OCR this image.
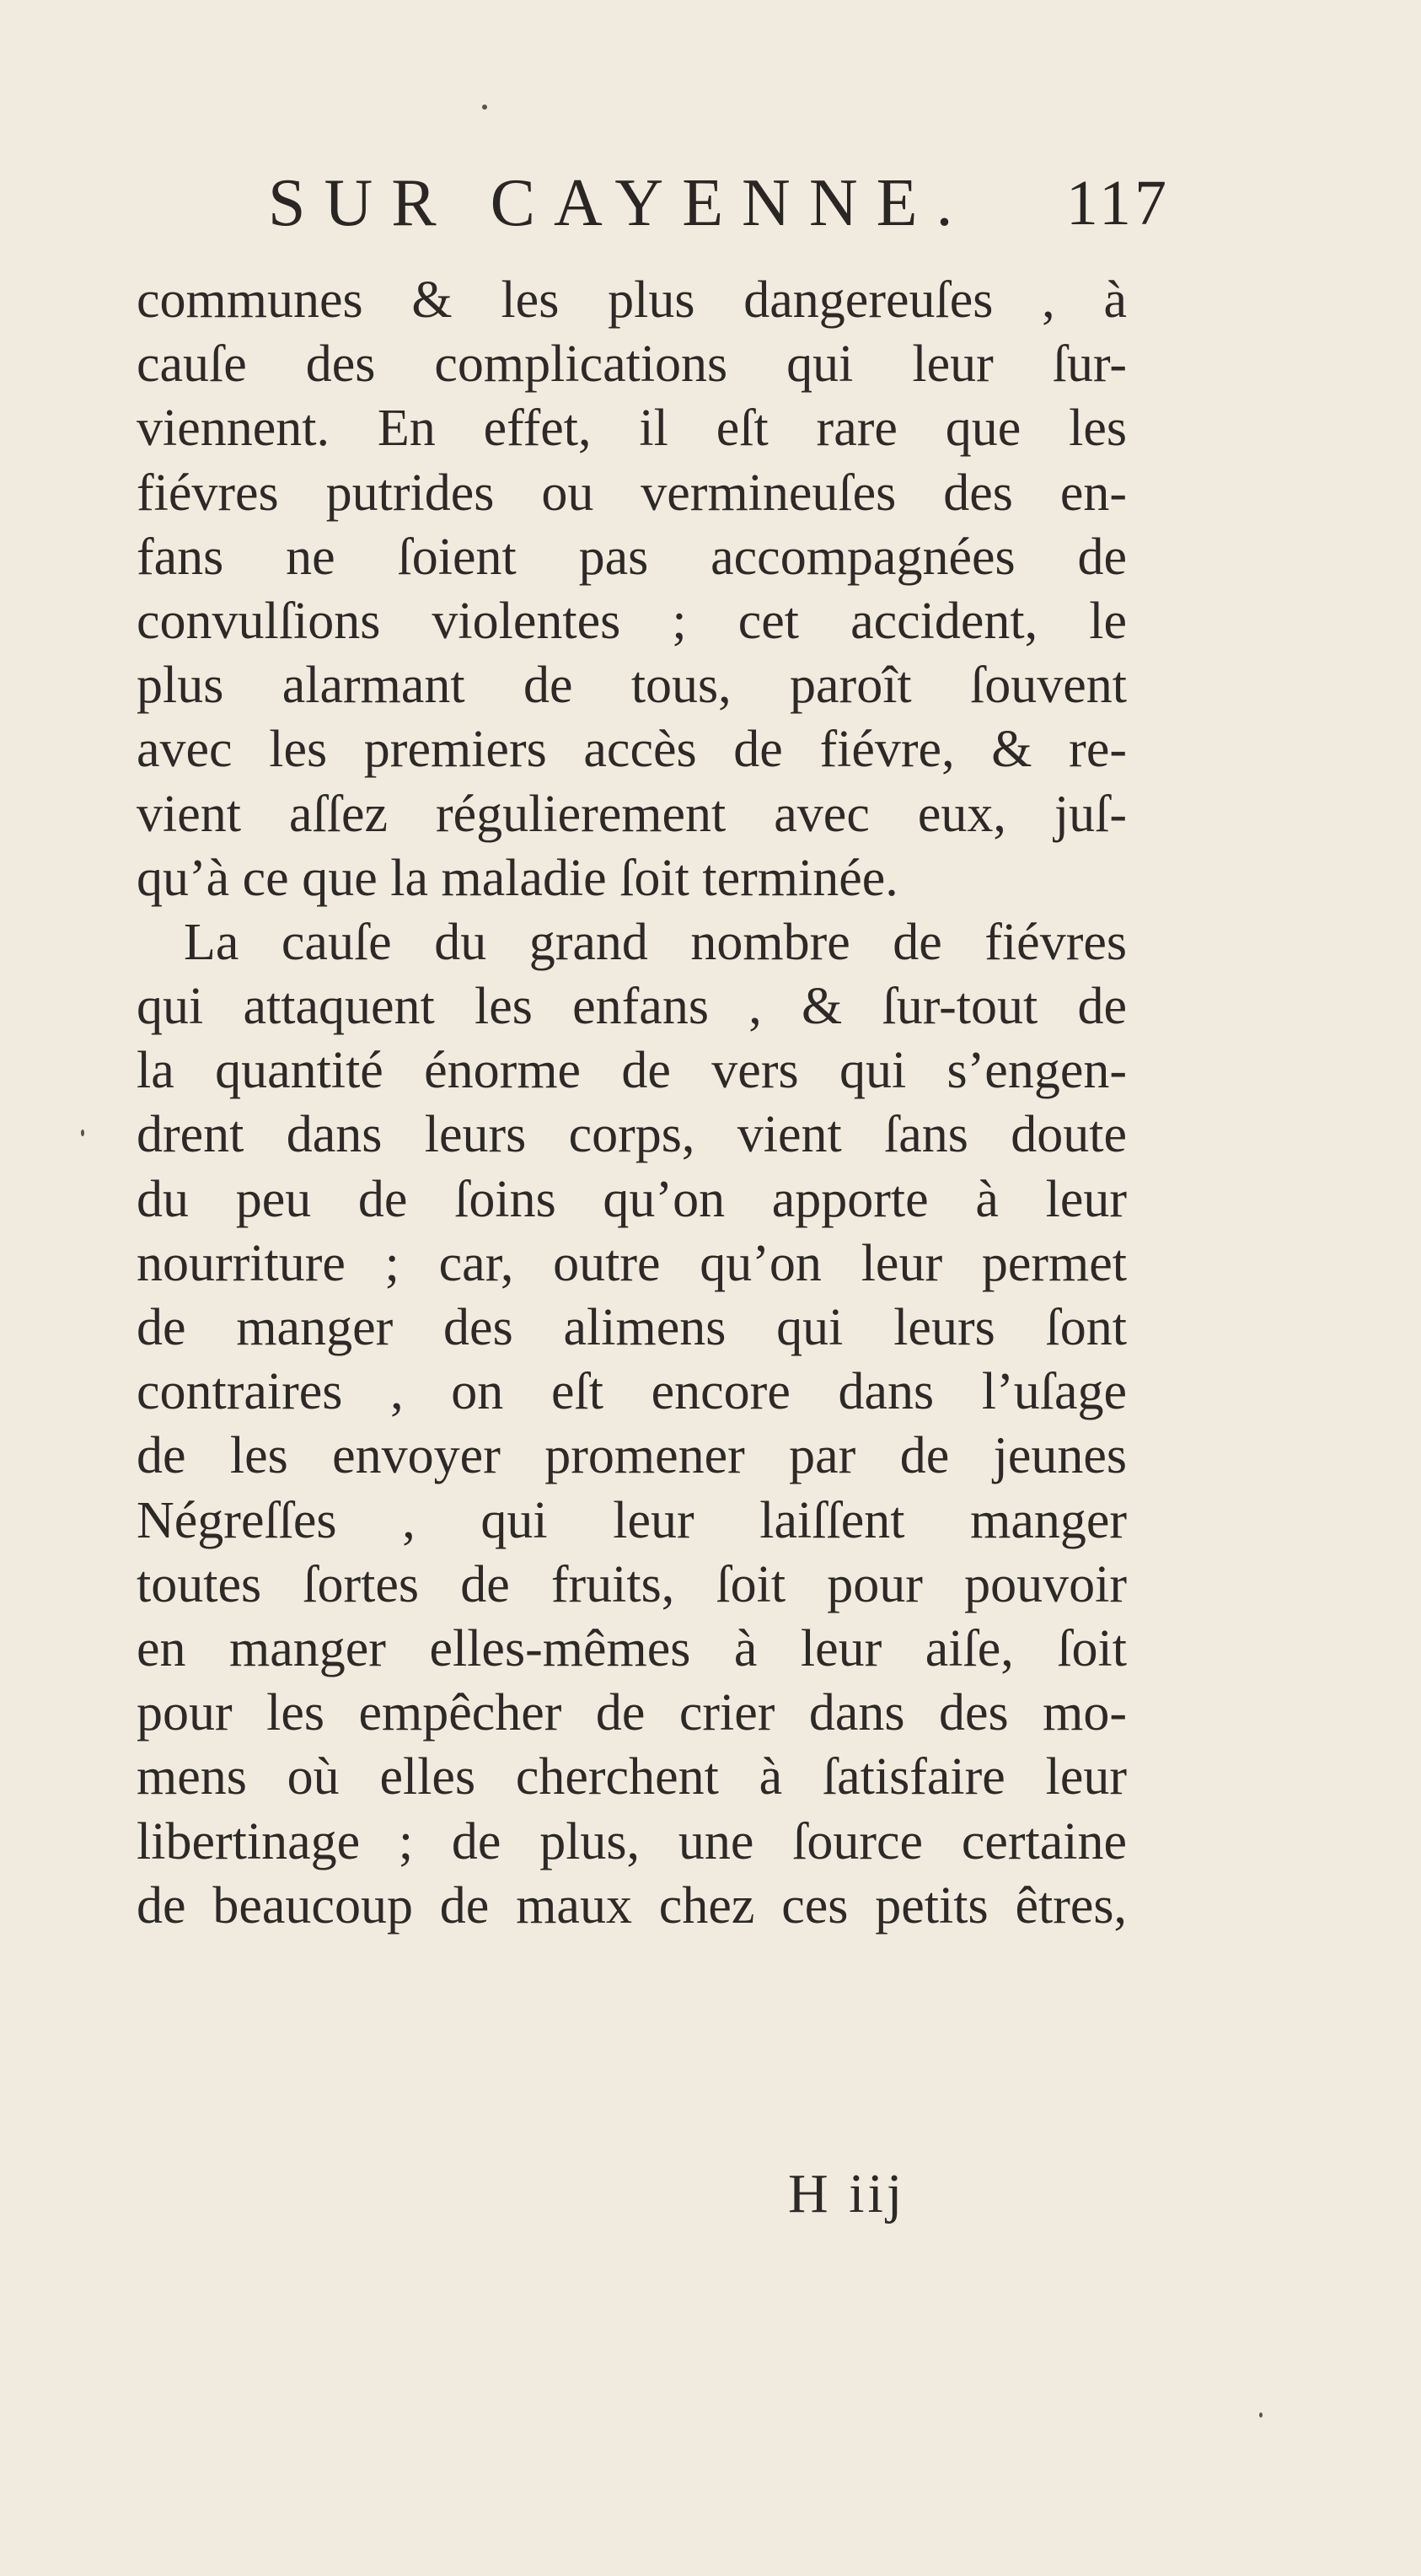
SUR CAYENNE. 117
communes & les plus dangereuſes , à
cauſe des complications qui leur ſur-
viennent. En effet, il eſt rare que les
fiévres putrides ou vermineuſes des en-
fans ne ſoient pas accompagnées de
convulſions violentes ; cet accident, le
plus alarmant de tous, paroît ſouvent
avec les premiers accès de fiévre, & re-
vient aſſez régulierement avec eux, juſ-
qu’à ce que la maladie ſoit terminée.
La cauſe du grand nombre de fiévres
qui attaquent les enfans , & ſur-tout de
la quantité énorme de vers qui s’engen-
drent dans leurs corps, vient ſans doute
du peu de ſoins qu’on apporte à leur
nourriture ; car, outre qu’on leur permet
de manger des alimens qui leurs ſont
contraires , on eſt encore dans l’uſage
de les envoyer promener par de jeunes
Négreſſes , qui leur laiſſent manger
toutes ſortes de fruits, ſoit pour pouvoir
en manger elles-mêmes à leur aiſe, ſoit
pour les empêcher de crier dans des mo-
mens où elles cherchent à ſatisfaire leur
libertinage ; de plus, une ſource certaine
de beaucoup de maux chez ces petits êtres,
H iij
